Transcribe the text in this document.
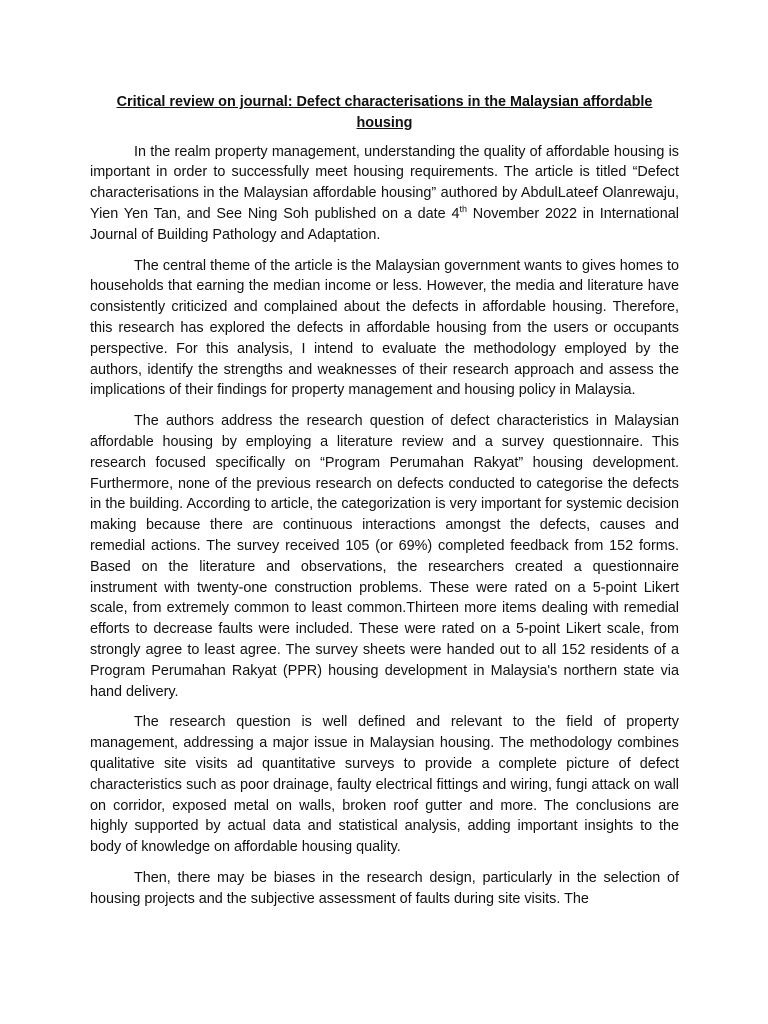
Critical review on journal: Defect characterisations in the Malaysian affordable
housing

In the realm property management, understanding the quality of affordable housing is important in order to successfully meet housing requirements. The article is titled “Defect characterisations in the Malaysian affordable housing” authored by AbdulLateef Olanrewaju, Yien Yen Tan, and See Ning Soh published on a date 4th November 2022 in International Journal of Building Pathology and Adaptation.

The central theme of the article is the Malaysian government wants to gives homes to households that earning the median income or less. However, the media and literature have consistently criticized and complained about the defects in affordable housing. Therefore, this research has explored the defects in affordable housing from the users or occupants perspective. For this analysis, I intend to evaluate the methodology employed by the authors, identify the strengths and weaknesses of their research approach and assess the implications of their findings for property management and housing policy in Malaysia.

The authors address the research question of defect characteristics in Malaysian affordable housing by employing a literature review and a survey questionnaire. This research focused specifically on “Program Perumahan Rakyat” housing development. Furthermore, none of the previous research on defects conducted to categorise the defects in the building. According to article, the categorization is very important for systemic decision making because there are continuous interactions amongst the defects, causes and remedial actions. The survey received 105 (or 69%) completed feedback from 152 forms. Based on the literature and observations, the researchers created a questionnaire instrument with twenty-one construction problems. These were rated on a 5-point Likert scale, from extremely common to least common.Thirteen more items dealing with remedial efforts to decrease faults were included. These were rated on a 5-point Likert scale, from strongly agree to least agree. The survey sheets were handed out to all 152 residents of a Program Perumahan Rakyat (PPR) housing development in Malaysia's northern state via hand delivery.

The research question is well defined and relevant to the field of property management, addressing a major issue in Malaysian housing. The methodology combines qualitative site visits ad quantitative surveys to provide a complete picture of defect characteristics such as poor drainage, faulty electrical fittings and wiring, fungi attack on wall on corridor, exposed metal on walls, broken roof gutter and more. The conclusions are highly supported by actual data and statistical analysis, adding important insights to the body of knowledge on affordable housing quality.

Then, there may be biases in the research design, particularly in the selection of housing projects and the subjective assessment of faults during site visits. The
